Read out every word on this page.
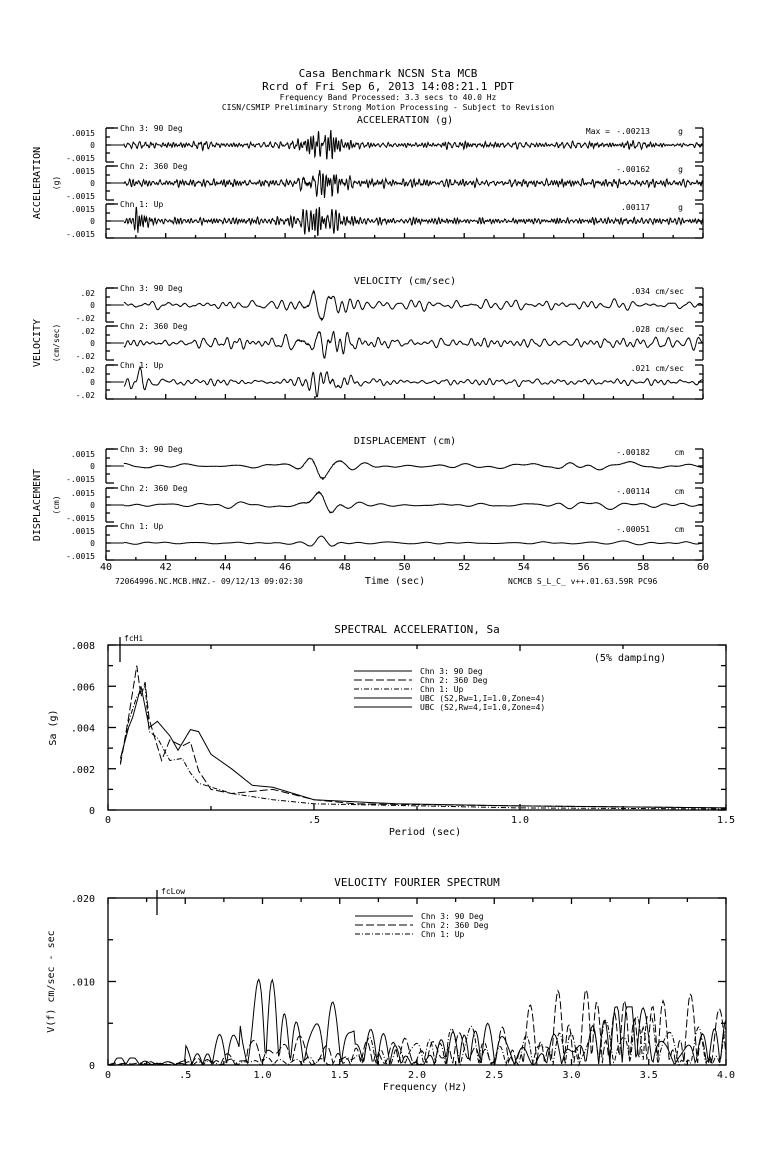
Casa Benchmark NCSN Sta MCB
Rcrd of Fri Sep 6, 2013 14:08:21.1 PDT
Frequency Band Processed: 3.3 secs to 40.0 Hz
CISN/CSMIP Preliminary Strong Motion Processing - Subject to Revision
ACCELERATION (g)
ACCELERATION (g)
.0015
0
-.0015
Chn 3: 90 Deg	-.00213	g
Max =
.0015
0
-.0015
Chn 2: 360 Deg	-.00162	g
.0015
0
-.0015
Chn 1: Up	.00117	g
VELOCITY (cm/sec)
VELOCITY (cm/sec)
.02
0
-.02
Chn 3: 90 Deg	.034 cm/sec
.02
0
-.02
Chn 2: 360 Deg	.028 cm/sec
.02
0
-.02
Chn 1: Up	.021 cm/sec
DISPLACEMENT (cm)
DISPLACEMENT (cm)
.0015
0
-.0015
Chn 3: 90 Deg	-.00182	cm
.0015
0
-.0015
Chn 2: 360 Deg	-.00114	cm
.0015
0
-.0015
Chn 1: Up	-.00051	cm
40	42	44	46	48	50	52	54	56	58	60
Time (sec)
72064996.NC.MCB.HNZ.- 09/12/13 09:02:30	NCMCB S_L_C_ v++.01.63.59R PC96
SPECTRAL ACCELERATION, Sa
.008
.006
.004
.002
0
0	.5	1.0	1.5
Period (sec)
Sa (g)
fcHi
Chn 3: 90 Deg
Chn 2: 360 Deg
Chn 1: Up
UBC (S2,Rw=1,I=1.0,Zone=4)
UBC (S2,Rw=4,I=1.0,Zone=4)
(5% damping)
VELOCITY FOURIER SPECTRUM
.020
.010
0
0	.5	1.0	1.5	2.0	2.5	3.0	3.5	4.0
Frequency (Hz)
V(f) cm/sec - sec
fcLow
Chn 3: 90 Deg
Chn 2: 360 Deg
Chn 1: Up
